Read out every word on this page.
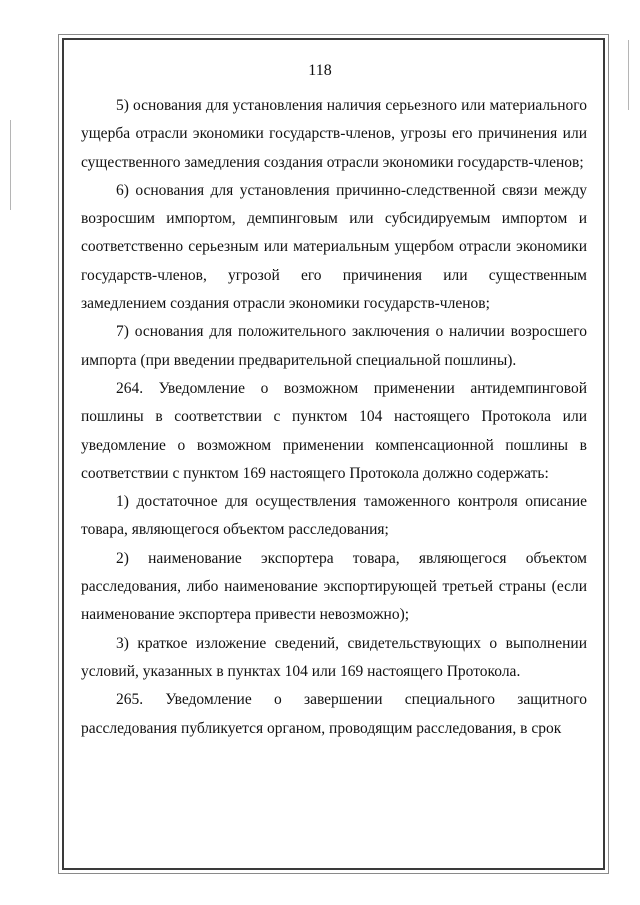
118

5) основания для установления наличия серьезного или материального ущерба отрасли экономики государств-членов, угрозы его причинения или существенного замедления создания отрасли экономики государств-членов;

6) основания для установления причинно-следственной связи между возросшим импортом, демпинговым или субсидируемым импортом и соответственно серьезным или материальным ущербом отрасли экономики государств-членов, угрозой его причинения или существенным замедлением создания отрасли экономики государств-членов;

7) основания для положительного заключения о наличии возросшего импорта (при введении предварительной специальной пошлины).

264. Уведомление о возможном применении антидемпинговой пошлины в соответствии с пунктом 104 настоящего Протокола или уведомление о возможном применении компенсационной пошлины в соответствии с пунктом 169 настоящего Протокола должно содержать:

1) достаточное для осуществления таможенного контроля описание товара, являющегося объектом расследования;

2) наименование экспортера товара, являющегося объектом расследования, либо наименование экспортирующей третьей страны (если наименование экспортера привести невозможно);

3) краткое изложение сведений, свидетельствующих о выполнении условий, указанных в пунктах 104 или 169 настоящего Протокола.

265. Уведомление о завершении специального защитного расследования публикуется органом, проводящим расследования, в срок
